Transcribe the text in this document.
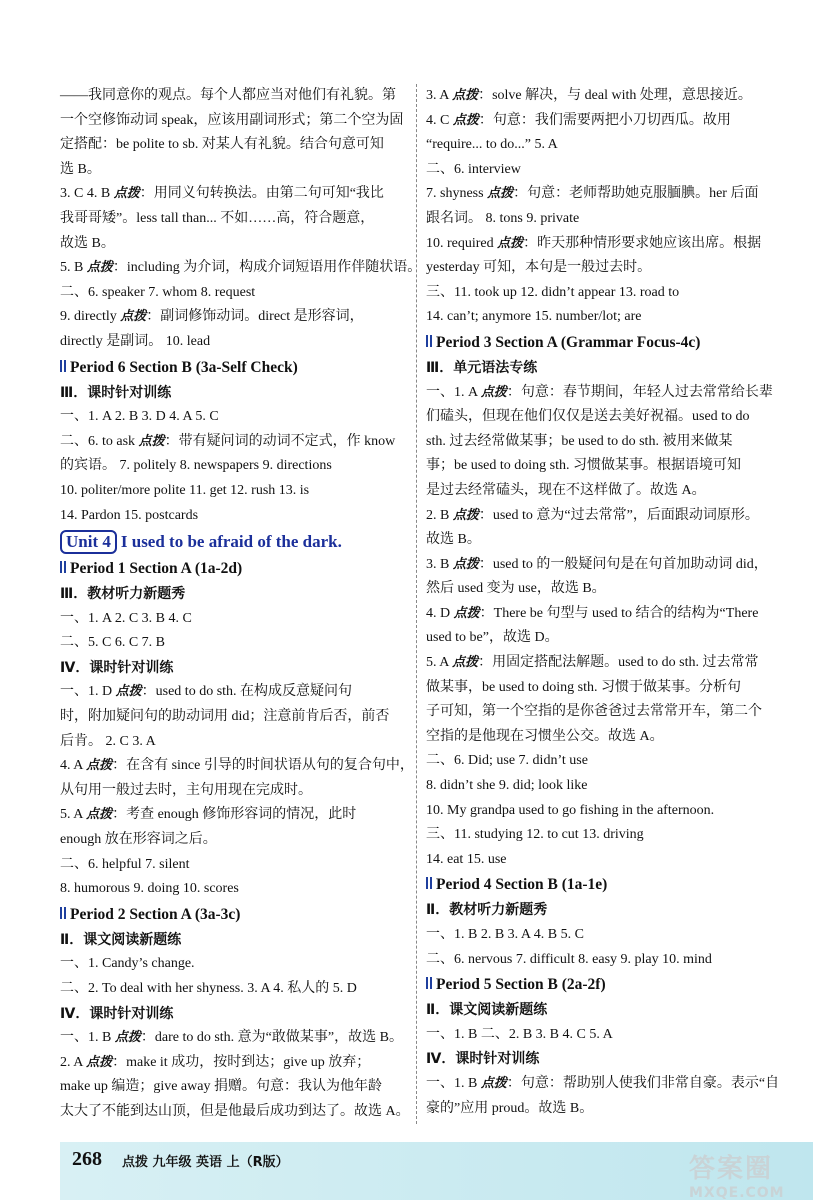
——我同意你的观点。每个人都应当对他们有礼貌。第
一个空修饰动词 speak，应该用副词形式；第二个空为固
定搭配：be polite to sb. 对某人有礼貌。结合句意可知
选 B。
3. C 4. B 点拨：用同义句转换法。由第二句可知“我比
我哥哥矮”。less tall than... 不如……高，符合题意，
故选 B。
5. B 点拨：including 为介词，构成介词短语用作伴随状语。
二、6. speaker 7. whom 8. request
9. directly 点拨：副词修饰动词。direct 是形容词，
directly 是副词。 10. lead
Period 6 Section B (3a-Self Check)
Ⅲ．课时针对训练
一、1. A 2. B 3. D 4. A 5. C
二、6. to ask 点拨：带有疑问词的动词不定式，作 know
的宾语。 7. politely 8. newspapers 9. directions
10. politer/more polite 11. get 12. rush 13. is
14. Pardon 15. postcards
Unit 4 I used to be afraid of the dark.
Period 1 Section A (1a-2d)
Ⅲ．教材听力新题秀
一、1. A 2. C 3. B 4. C
二、5. C 6. C 7. B
Ⅳ．课时针对训练
一、1. D 点拨：used to do sth. 在构成反意疑问句
时，附加疑问句的助动词用 did；注意前肯后否，前否
后肯。 2. C 3. A
4. A 点拨：在含有 since 引导的时间状语从句的复合句中，
从句用一般过去时，主句用现在完成时。
5. A 点拨：考查 enough 修饰形容词的情况，此时
enough 放在形容词之后。
二、6. helpful 7. silent
8. humorous 9. doing 10. scores
Period 2 Section A (3a-3c)
Ⅱ．课文阅读新题练
一、1. Candy’s change.
二、2. To deal with her shyness. 3. A 4. 私人的 5. D
Ⅳ．课时针对训练
一、1. B 点拨：dare to do sth. 意为“敢做某事”，故选 B。
2. A 点拨：make it 成功，按时到达；give up 放弃；
make up 编造；give away 捐赠。句意：我认为他年龄
太大了不能到达山顶，但是他最后成功到达了。故选 A。
3. A 点拨：solve 解决，与 deal with 处理，意思接近。
4. C 点拨：句意：我们需要两把小刀切西瓜。故用
“require... to do...” 5. A
二、6. interview
7. shyness 点拨：句意：老师帮助她克服腼腆。her 后面
跟名词。 8. tons 9. private
10. required 点拨：昨天那种情形要求她应该出席。根据
yesterday 可知，本句是一般过去时。
三、11. took up 12. didn’t appear 13. road to
14. can’t; anymore 15. number/lot; are
Period 3 Section A (Grammar Focus-4c)
Ⅲ．单元语法专练
一、1. A 点拨：句意：春节期间，年轻人过去常常给长辈
们磕头，但现在他们仅仅是送去美好祝福。used to do
sth. 过去经常做某事；be used to do sth. 被用来做某
事；be used to doing sth. 习惯做某事。根据语境可知
是过去经常磕头，现在不这样做了。故选 A。
2. B 点拨：used to 意为“过去常常”，后面跟动词原形。
故选 B。
3. B 点拨：used to 的一般疑问句是在句首加助动词 did，
然后 used 变为 use，故选 B。
4. D 点拨：There be 句型与 used to 结合的结构为“There
used to be”，故选 D。
5. A 点拨：用固定搭配法解题。used to do sth. 过去常常
做某事，be used to doing sth. 习惯于做某事。分析句
子可知，第一个空指的是你爸爸过去常常开车，第二个
空指的是他现在习惯坐公交。故选 A。
二、6. Did; use 7. didn’t use
8. didn’t she 9. did; look like
10. My grandpa used to go fishing in the afternoon.
三、11. studying 12. to cut 13. driving
14. eat 15. use
Period 4 Section B (1a-1e)
Ⅱ．教材听力新题秀
一、1. B 2. B 3. A 4. B 5. C
二、6. nervous 7. difficult 8. easy 9. play 10. mind
Period 5 Section B (2a-2f)
Ⅱ．课文阅读新题练
一、1. B 二、2. B 3. B 4. C 5. A
Ⅳ．课时针对训练
一、1. B 点拨：句意：帮助别人使我们非常自豪。表示“自
豪的”应用 proud。故选 B。
268 点拨 九年级 英语 上（R版）	答案圈
MXQE.COM
